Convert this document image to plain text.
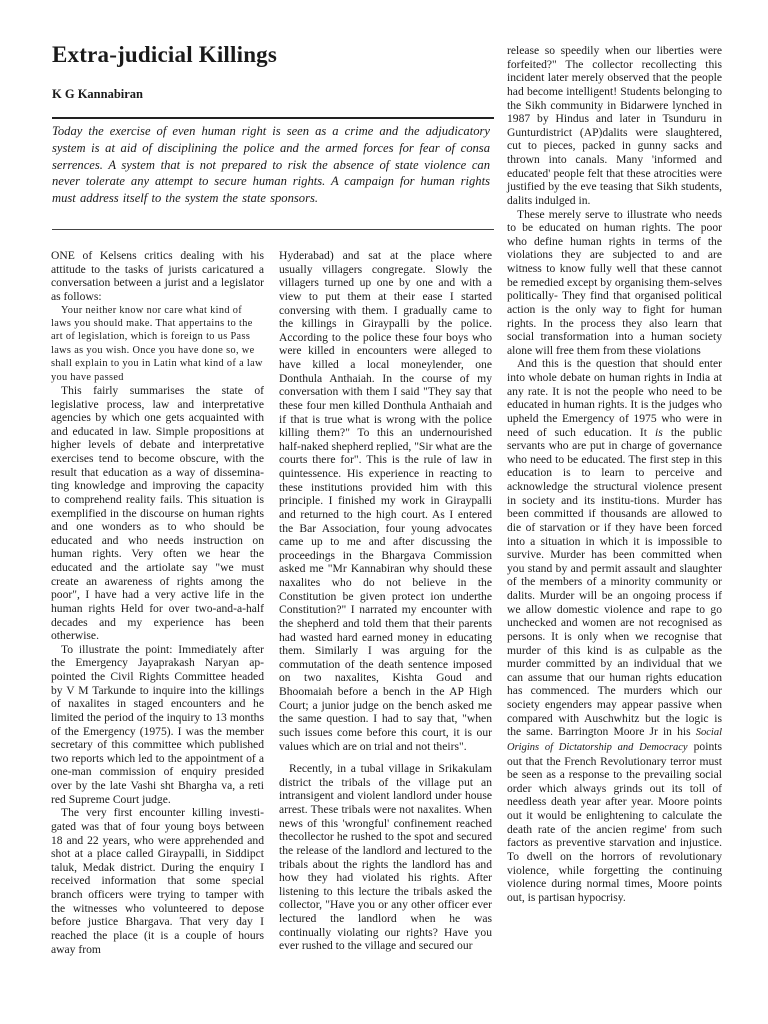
Extra-judicial Killings
K G Kannabiran

Today the exercise of even human right is seen as a crime and the adjudicatory system is at aid of disciplining the police and the armed forces for fear of consa serrences. A system that is not prepared to risk the absence of state violence can never tolerate any attempt to secure human rights. A campaign for human rights must address itself to the system the state sponsors.

ONE of Kelsens critics dealing with his attitude to the tasks of jurists caricatured a conversation between a jurist and a legislator as follows:

Your neither know nor care what kind of laws you should make. That appertains to the art of legislation, which is foreign to us Pass laws as you wish. Once you have done so, we shall explain to you in Latin what kind of a law you have passed

This fairly summarises the state of legislative process, law and interpretative agencies by which one gets acquainted with and educated in law. Simple propositions at higher levels of debate and interpretative exercises tend to become obscure, with the result that education as a way of dissemina-ting knowledge and improving the capacity to comprehend reality fails. This situation is exemplified in the discourse on human rights and one wonders as to who should be educated and who needs instruction on human rights. Very often we hear the educated and the artiolate say "we must create an awareness of rights among the poor", I have had a very active life in the human rights Held for over two-and-a-half decades and my experience has been otherwise.

To illustrate the point: Immediately after the Emergency Jayaprakash Naryan ap-pointed the Civil Rights Committee headed by V M Tarkunde to inquire into the killings of naxalites in staged encounters and he limited the period of the inquiry to 13 months of the Emergency (1975). I was the member secretary of this committee which published two reports which led to the appointment of a one-man commission of enquiry presided over by the late Vashi sht Bhargha va, a reti red Supreme Court judge.

The very first encounter killing investi-gated was that of four young boys between 18 and 22 years, who were apprehended and shot at a place called Giraypalli, in Siddipct taluk, Medak district. During the enquiry I received information that some special branch officers were trying to tamper with the witnesses who volunteered to depose before justice Bhargava. That very day I reached the place (it is a couple of hours away from

Hyderabad) and sat at the place where usually villagers congregate. Slowly the villagers turned up one by one and with a view to put them at their ease I started conversing with them. I gradually came to the killings in Giraypalli by the police. According to the police these four boys who were killed in encounters were alleged to have killed a local moneylender, one Donthula Anthaiah. In the course of my conversation with them I said "They say that these four men killed Donthula Anthaiah and if that is true what is wrong with the police killing them?" To this an undernourished half-naked shepherd replied, "Sir what are the courts there for". This is the rule of law in quintessence. His experience in reacting to these institutions provided him with this principle. I finished my work in Giraypalli and returned to the high court. As I entered the Bar Association, four young advocates came up to me and after discussing the proceedings in the Bhargava Commission asked me "Mr Kannabiran why should these naxalites who do not believe in the Constitution be given protect ion underthe Constitution?" I narrated my encounter with the shepherd and told them that their parents had wasted hard earned money in educating them. Similarly I was arguing for the commutation of the death sentence imposed on two naxalites, Kishta Goud and Bhoomaiah before a bench in the AP High Court; a junior judge on the bench asked me the same question. I had to say that, "when such issues come before this court, it is our values which are on trial and not theirs".

Recently, in a tubal village in Srikakulam district the tribals of the village put an intransigent and violent landlord under house arrest. These tribals were not naxalites. When news of this 'wrongful' confinement reached thecollector he rushed to the spot and secured the release of the landlord and lectured to the tribals about the rights the landlord has and how they had violated his rights. After listening to this lecture the tribals asked the collector, "Have you or any other officer ever lectured the landlord when he was continually violating our rights? Have you ever rushed to the village and secured our

release so speedily when our liberties were forfeited?" The collector recollecting this incident later merely observed that the people had become intelligent! Students belonging to the Sikh community in Bidarwere lynched in 1987 by Hindus and later in Tsunduru in Gunturdistrict (AP)dalits were slaughtered, cut to pieces, packed in gunny sacks and thrown into canals. Many 'informed and educated' people felt that these atrocities were justified by the eve teasing that Sikh students, dalits indulged in.

These merely serve to illustrate who needs to be educated on human rights. The poor who define human rights in terms of the violations they are subjected to and are witness to know fully well that these cannot be remedied except by organising them-selves politically- They find that organised political action is the only way to fight for human rights. In the process they also learn that social transformation into a human society alone will free them from these violations

And this is the question that should enter into whole debate on human rights in India at any rate. It is not the people who need to be educated in human rights. It is the judges who upheld the Emergency of 1975 who were in need of such education. It is the public servants who are put in charge of governance who need to be educated. The first step in this education is to learn to perceive and acknowledge the structural violence present in society and its institu-tions. Murder has been committed if thousands are allowed to die of starvation or if they have been forced into a situation in which it is impossible to survive. Murder has been committed when you stand by and permit assault and slaughter of the members of a minority community or dalits. Murder will be an ongoing process if we allow domestic violence and rape to go unchecked and women are not recognised as persons. It is only when we recognise that murder of this kind is as culpable as the murder committed by an individual that we can assume that our human rights education has commenced. The murders which our society engenders may appear passive when compared with Auschwhitz but the logic is the same. Barrington Moore Jr in his Social Origins of Dictatorship and Democracy points out that the French Revolutionary terror must be seen as a response to the prevailing social order which always grinds out its toll of needless death year after year. Moore points out it would be enlightening to calculate the death rate of the ancien regime' from such factors as preventive starvation and injustice. To dwell on the horrors of revolutionary violence, while forgetting the continuing violence during normal times, Moore points out, is partisan hypocrisy.
